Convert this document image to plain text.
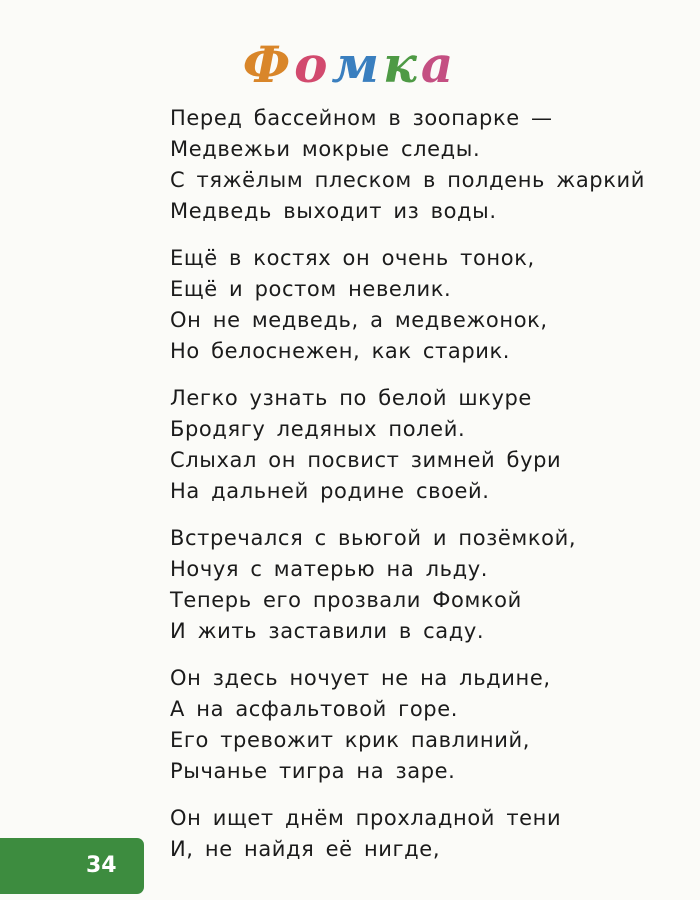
Фомка
Перед бассейном в зоопарке —
Медвежьи мокрые следы.
С тяжёлым плеском в полдень жаркий
Медведь выходит из воды.
Ещё в костях он очень тонок,
Ещё и ростом невелик.
Он не медведь, а медвежонок,
Но белоснежен, как старик.
Легко узнать по белой шкуре
Бродягу ледяных полей.
Слыхал он посвист зимней бури
На дальней родине своей.
Встречался с вьюгой и позёмкой,
Ночуя с матерью на льду.
Теперь его прозвали Фомкой
И жить заставили в саду.
Он здесь ночует не на льдине,
А на асфальтовой горе.
Его тревожит крик павлиний,
Рычанье тигра на заре.
Он ищет днём прохладной тени
И, не найдя её нигде,
34
